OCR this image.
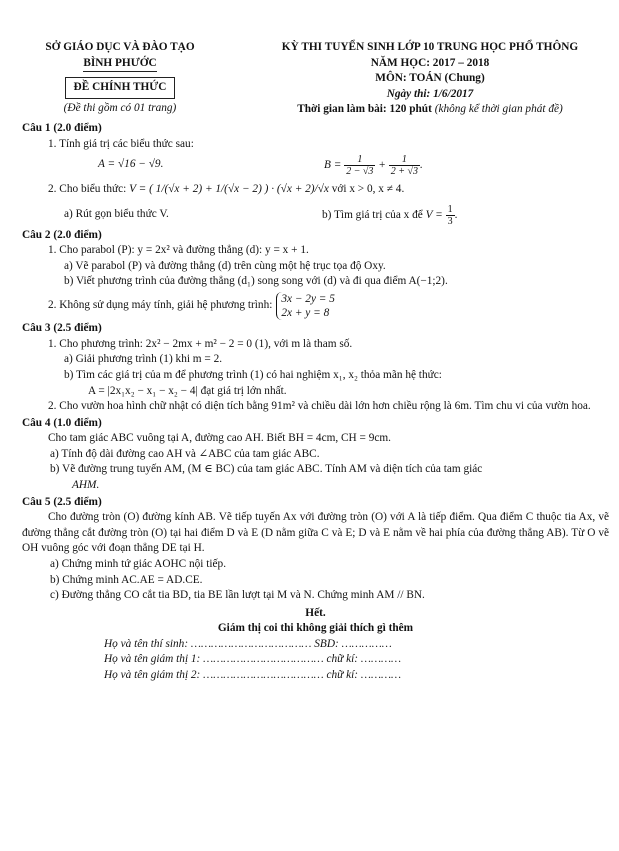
SỞ GIÁO DỤC VÀ ĐÀO TẠO
BÌNH PHƯỚC
ĐỀ CHÍNH THỨC
(Đề thi gồm có 01 trang)
KỲ THI TUYỂN SINH LỚP 10 TRUNG HỌC PHỔ THÔNG
NĂM HỌC: 2017 – 2018
MÔN: TOÁN (Chung)
Ngày thi: 1/6/2017
Thời gian làm bài: 120 phút (không kể thời gian phát đề)
Câu 1 (2.0 điểm)
1. Tính giá trị các biểu thức sau:
A = √16 − √9.	$B = \frac{1}{2 - √3} + \frac{1}{2 + √3}$ .
2. Cho biểu thức: V = ( 1/(√x + 2) + 1/(√x − 2) ) · (√x + 2)/√x với x > 0, x ≠ 4.
a) Rút gọn biểu thức V.	b) Tìm giá trị của x để $V = \frac{1}{3}$ .
Câu 2 (2.0 điểm)
1. Cho parabol (P): y = 2x² và đường thẳng (d): y = x + 1.
a) Vẽ parabol (P) và đường thẳng (d) trên cùng một hệ trục tọa độ Oxy.
b) Viết phương trình của đường thẳng (d₁) song song với (d) và đi qua điểm A(−1;2).
2. Không sử dụng máy tính, giải hệ phương trình:
3x − 2y = 5
2x + y = 8
Câu 3 (2.5 điểm)
1. Cho phương trình: 2x² − 2mx + m² − 2 = 0 (1), với m là tham số.
a) Giải phương trình (1) khi m = 2.
b) Tìm các giá trị của m để phương trình (1) có hai nghiệm x₁, x₂ thỏa mãn hệ thức:
A = |2x₁x₂ − x₁ − x₂ − 4| đạt giá trị lớn nhất.
2. Cho vườn hoa hình chữ nhật có diện tích bằng 91m² và chiều dài lớn hơn chiều rộng là 6m. Tìm chu vi của vườn hoa.
Câu 4 (1.0 điểm)
Cho tam giác ABC vuông tại A, đường cao AH. Biết BH = 4cm, CH = 9cm.
a) Tính độ dài đường cao AH và ∠ABC của tam giác ABC.
b) Vẽ đường trung tuyến AM, (M ∈ BC) của tam giác ABC. Tính AM và diện tích của tam giác
AHM.
Câu 5 (2.5 điểm)
Cho đường tròn (O) đường kính AB. Vẽ tiếp tuyến Ax với đường tròn (O) với A là tiếp điểm. Qua điểm C thuộc tia Ax, vẽ đường thẳng cắt đường tròn (O) tại hai điểm D và E (D nằm giữa C và E; D và E nằm về hai phía của đường thẳng AB). Từ O vẽ OH vuông góc với đoạn thẳng DE tại H.
a) Chứng minh tứ giác AOHC nội tiếp.
b) Chứng minh AC.AE = AD.CE.
c) Đường thẳng CO cắt tia BD, tia BE lần lượt tại M và N. Chứng minh AM // BN.
Hết.
Giám thị coi thi không giải thích gì thêm
Họ và tên thí sinh: ……………………………… SBD: ……………
Họ và tên giám thị 1: ……………………………… chữ kí: …………
Họ và tên giám thị 2: ……………………………… chữ kí: …………
